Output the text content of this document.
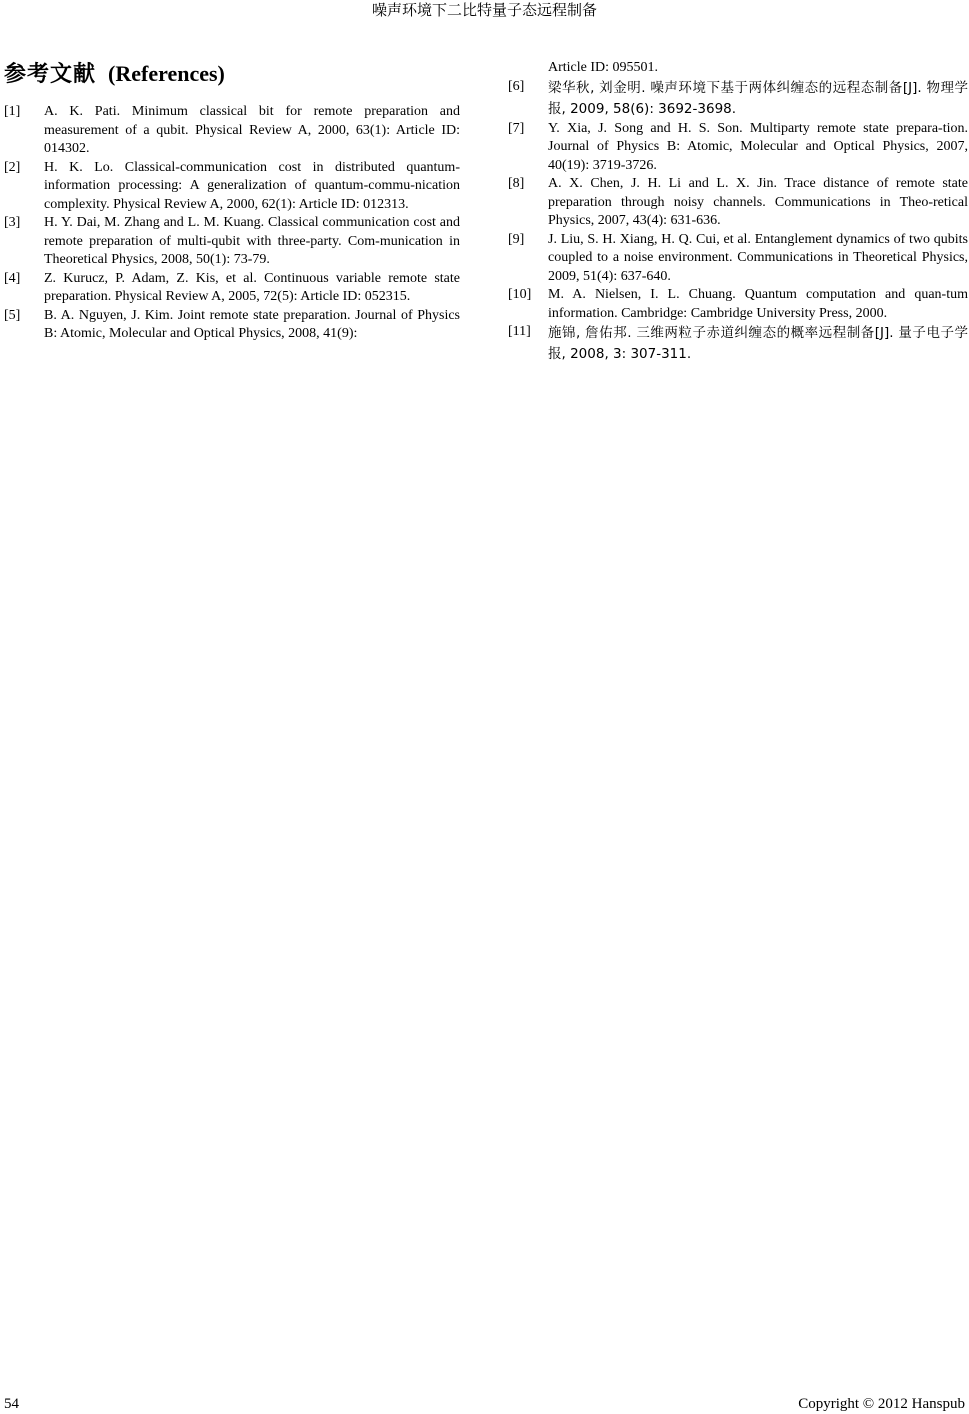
噪声环境下二比特量子态远程制备
参考文献 (References)
[1]	A. K. Pati. Minimum classical bit for remote preparation and measurement of a qubit. Physical Review A, 2000, 63(1): Article ID: 014302.
[2]	H. K. Lo. Classical-communication cost in distributed quantum-information processing: A generalization of quantum-commu-nication complexity. Physical Review A, 2000, 62(1): Article ID: 012313.
[3]	H. Y. Dai, M. Zhang and L. M. Kuang. Classical communication cost and remote preparation of multi-qubit with three-party. Com-munication in Theoretical Physics, 2008, 50(1): 73-79.
[4]	Z. Kurucz, P. Adam, Z. Kis, et al. Continuous variable remote state preparation. Physical Review A, 2005, 72(5): Article ID: 052315.
[5]	B. A. Nguyen, J. Kim. Joint remote state preparation. Journal of Physics B: Atomic, Molecular and Optical Physics, 2008, 41(9):
Article ID: 095501.
[6]	梁华秋, 刘金明. 噪声环境下基于两体纠缠态的远程态制备[J]. 物理学报, 2009, 58(6): 3692-3698.
[7]	Y. Xia, J. Song and H. S. Son. Multiparty remote state prepara-tion. Journal of Physics B: Atomic, Molecular and Optical Physics, 2007, 40(19): 3719-3726.
[8]	A. X. Chen, J. H. Li and L. X. Jin. Trace distance of remote state preparation through noisy channels. Communications in Theo-retical Physics, 2007, 43(4): 631-636.
[9]	J. Liu, S. H. Xiang, H. Q. Cui, et al. Entanglement dynamics of two qubits coupled to a noise environment. Communications in Theoretical Physics, 2009, 51(4): 637-640.
[10]	M. A. Nielsen, I. L. Chuang. Quantum computation and quan-tum information. Cambridge: Cambridge University Press, 2000.
[11]	施锦, 詹佑邦. 三维两粒子赤道纠缠态的概率远程制备[J]. 量子电子学报, 2008, 3: 307-311.
54	Copyright © 2012 Hanspub
